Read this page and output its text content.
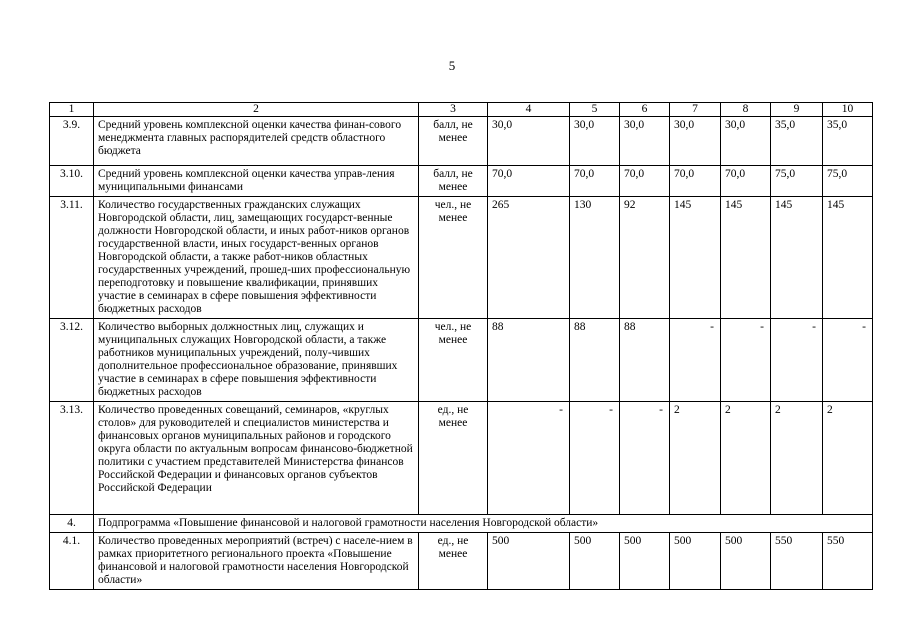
5
1	2	3	4	5	6	7	8	9	10
3.9.	Средний уровень комплексной оценки качества финан-сового менеджмента главных распорядителей средств областного бюджета	балл, не менее	30,0	30,0	30,0	30,0	30,0	35,0	35,0
3.10.	Средний уровень комплексной оценки качества управ-ления муниципальными финансами	балл, не менее	70,0	70,0	70,0	70,0	70,0	75,0	75,0
3.11.	Количество государственных гражданских служащих Новгородской области, лиц, замещающих государст-венные должности Новгородской области, и иных работ-ников органов государственной власти, иных государст-венных органов Новгородской области, а также работ-ников областных государственных учреждений, прошед-ших профессиональную переподготовку и повышение квалификации, принявших участие в семинарах в сфере повышения эффективности бюджетных расходов	чел., не менее	265	130	92	145	145	145	145
3.12.	Количество выборных должностных лиц, служащих и муниципальных служащих Новгородской области, а также работников муниципальных учреждений, полу-чивших дополнительное профессиональное образование, принявших участие в семинарах в сфере повышения эффективности бюджетных расходов	чел., не менее	88	88	88	-	-	-	-
3.13.	Количество проведенных совещаний, семинаров, «круглых столов» для руководителей и специалистов министерства и финансовых органов муниципальных районов и городского округа области по актуальным вопросам финансово-бюджетной политики с участием представителей Министерства финансов Российской Федерации и финансовых органов субъектов Российской Федерации	ед., не менее	-	-	-	2	2	2	2
4.	Подпрограмма «Повышение финансовой и налоговой грамотности населения Новгородской области»								
4.1.	Количество проведенных мероприятий (встреч) с населе-нием в рамках приоритетного регионального проекта «Повышение финансовой и налоговой грамотности населения Новгородской области»	ед., не менее	500	500	500	500	500	550	550
